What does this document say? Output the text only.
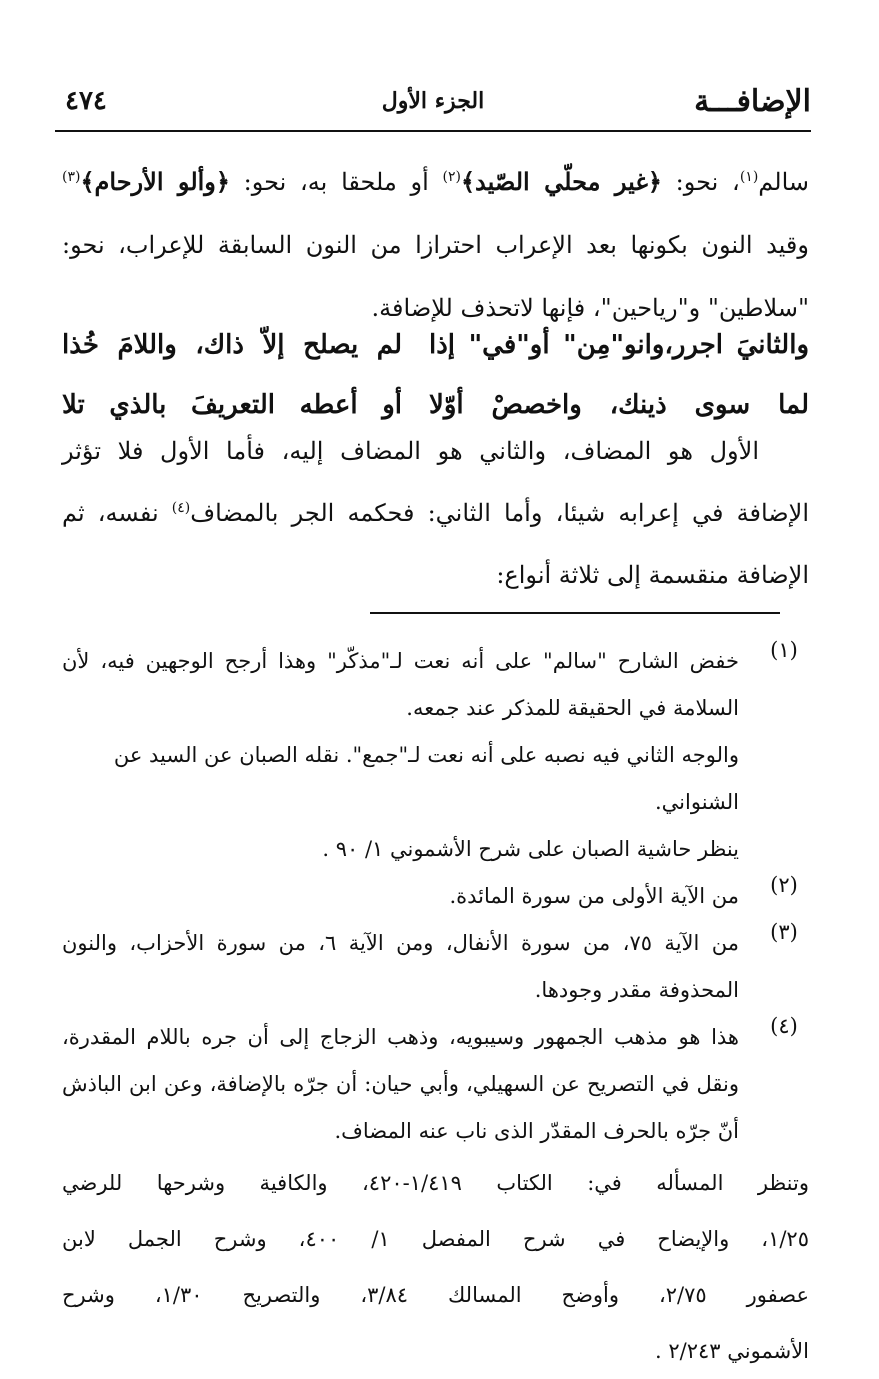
الإضافـــة
الجزء الأول
٤٧٤
سالم$^{(١)}$، نحو: ﴿غير محلّي الصّيد﴾$^{(٢)}$ أو ملحقا به، نحو: ﴿وألو الأرحام﴾$^{(٣)}$
وقيد النون بكونها بعد الإعراب احترازا من النون السابقة للإعراب، نحو:
"سلاطين" و"رياحين"، فإنها لاتحذف للإضافة.
والثانيَ اجرر،وانو"مِن" أو"في" إذا
لم يصلح إلاّ ذاك، واللامَ خُذا
لما سوى ذينك، واخصصْ أوّلا
أو أعطه التعريفَ بالذي تلا
الأول هو المضاف، والثاني هو المضاف إليه، فأما الأول فلا تؤثر
الإضافة في إعرابه شيئا، وأما الثاني: فحكمه الجر بالمضاف$^{(٤)}$ نفسه، ثم
الإضافة منقسمة إلى ثلاثة أنواع:
(١)
خفض الشارح "سالم" على أنه نعت لـ"مذكّر" وهذا أرجح الوجهين فيه، لأن
السلامة في الحقيقة للمذكر عند جمعه.
والوجه الثاني فيه نصبه على أنه نعت لـ"جمع". نقله الصبان عن السيد عن الشنواني.
ينظر حاشية الصبان على شرح الأشموني ١/ ٩٠ .
(٢)
من الآية الأولى من سورة المائدة.
(٣)
من الآية ٧٥، من سورة الأنفال، ومن الآية ٦، من سورة الأحزاب، والنون
المحذوفة مقدر وجودها.
(٤)
هذا هو مذهب الجمهور وسيبويه، وذهب الزجاج إلى أن جره باللام المقدرة،
ونقل في التصريح عن السهيلي، وأبي حيان: أن جرّه بالإضافة، وعن ابن الباذش
أنّ جرّه بالحرف المقدّر الذى ناب عنه المضاف.
وتنظر المسأله في: الكتاب ١/٤١٩-٤٢٠، والكافية وشرحها للرضي
١/٢٥، والإيضاح في شرح المفصل ١/ ٤٠٠، وشرح الجمل لابن
عصفور ٢/٧٥، وأوضح المسالك ٣/٨٤، والتصريح ١/٣٠، وشرح
الأشموني ٢/٢٤٣ .
